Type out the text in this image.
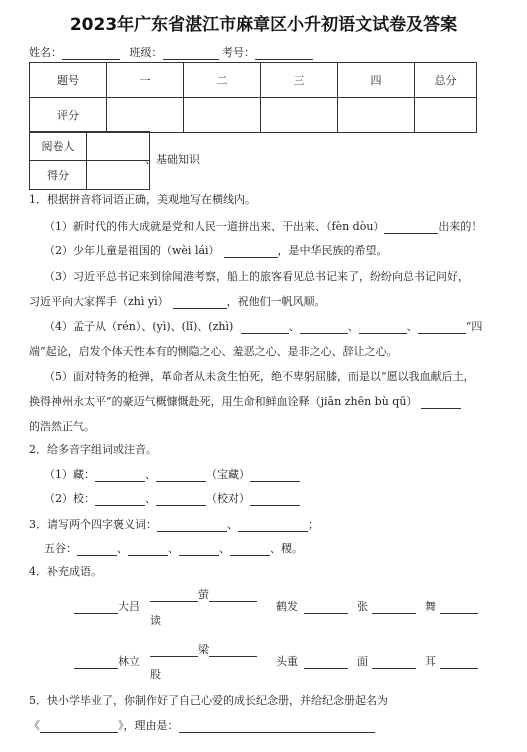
2023年广东省湛江市麻章区小升初语文试卷及答案
姓名：	班级：	考号：
题号	一	二	三	四	总分
评分					
阅卷人	
得分	
、基础知识
1．根据拼音将词语正确，美观地写在横线内。
（1）新时代的伟大成就是党和人民一道拼出来、干出来、（fèn dòu）	出来的！
（2）少年儿童是祖国的（wèi lái）	，是中华民族的希望。
（3）习近平总书记来到徐闻港考察，船上的旅客看见总书记来了，纷纷向总书记问好，
习近平向大家挥手（zhì yì）	，祝他们一帆风顺。
（4）孟子从（rén）、(yì)、(lǐ)、(zhì)	、	、	、	“四
端”起论，启发个体天性本有的恻隐之心、羞恶之心、是非之心、辞让之心。
（5）面对特务的枪弹，革命者从未贪生怕死，绝不卑躬屈膝，而是以“愿以我血献后土，
换得神州永太平”的豪迈气概慷慨赴死，用生命和鲜血诠释（jiān zhēn bù qū）
的浩然正气。
2．给多音字组词或注音。
（1）藏：	、	（宝藏）
（2）校：	、	（校对）
3．请写两个四字褒义词：	、	；
五谷：	、	、	、	、稷。
4．补充成语。
大吕
萤
读
鹤发	张	舞
林立
梁
股
头重	面	耳
5．快小学毕业了，你制作好了自己心爱的成长纪念册，并给纪念册起名为
《	》，理由是：
